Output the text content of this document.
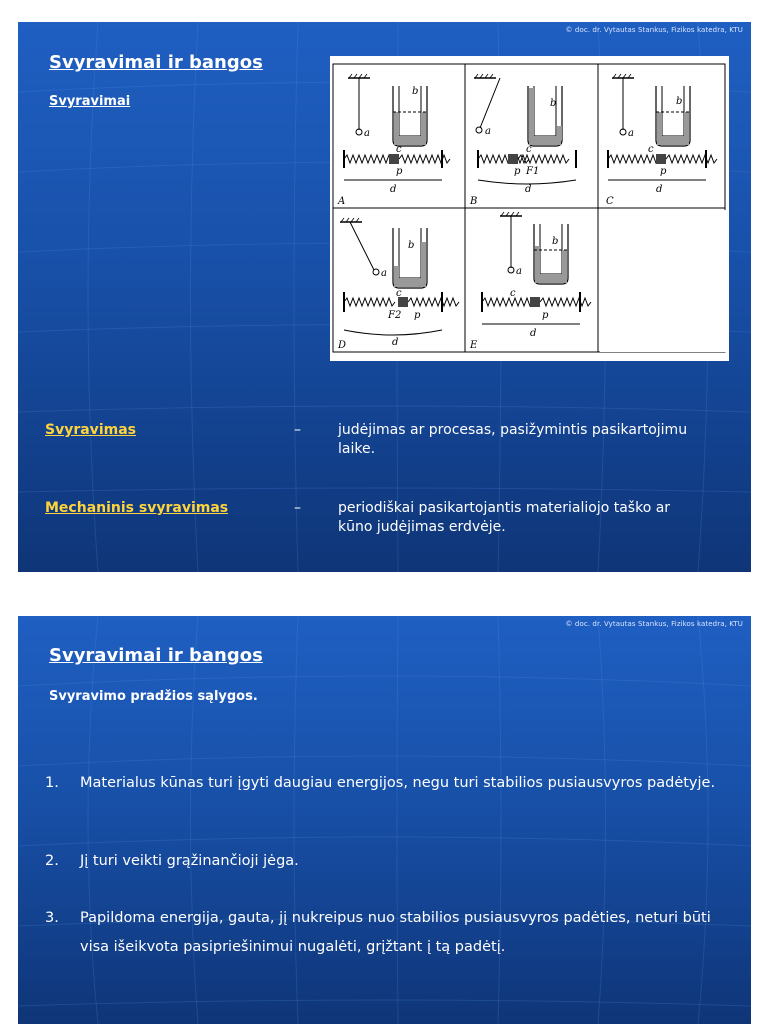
© doc. dr. Vytautas Stankus, Fizikos katedra, KTU
Svyravimai ir bangos
Svyravimai
a
b
c
p
d
A
a
b
c
p F1
d
B
a
b
c
p
d
C
a
b
c
F2 p
d
D
a
b
c
p
d
E

Svyravimas	–	judėjimas ar procesas, pasižymintis pasikartojimu laike.

Mechaninis svyravimas	–	periodiškai pasikartojantis materialiojo taško ar kūno judėjimas erdvėje.

© doc. dr. Vytautas Stankus, Fizikos katedra, KTU
Svyravimai ir bangos
Svyravimo pradžios sąlygos.
1. Materialus kūnas turi įgyti daugiau energijos, negu turi stabilios pusiausvyros padėtyje.
2. Jį turi veikti grąžinančioji jėga.
3. Papildoma energija, gauta, jį nukreipus nuo stabilios pusiausvyros padėties, neturi būti visa išeikvota pasipriešinimui nugalėti, grįžtant į tą padėtį.
